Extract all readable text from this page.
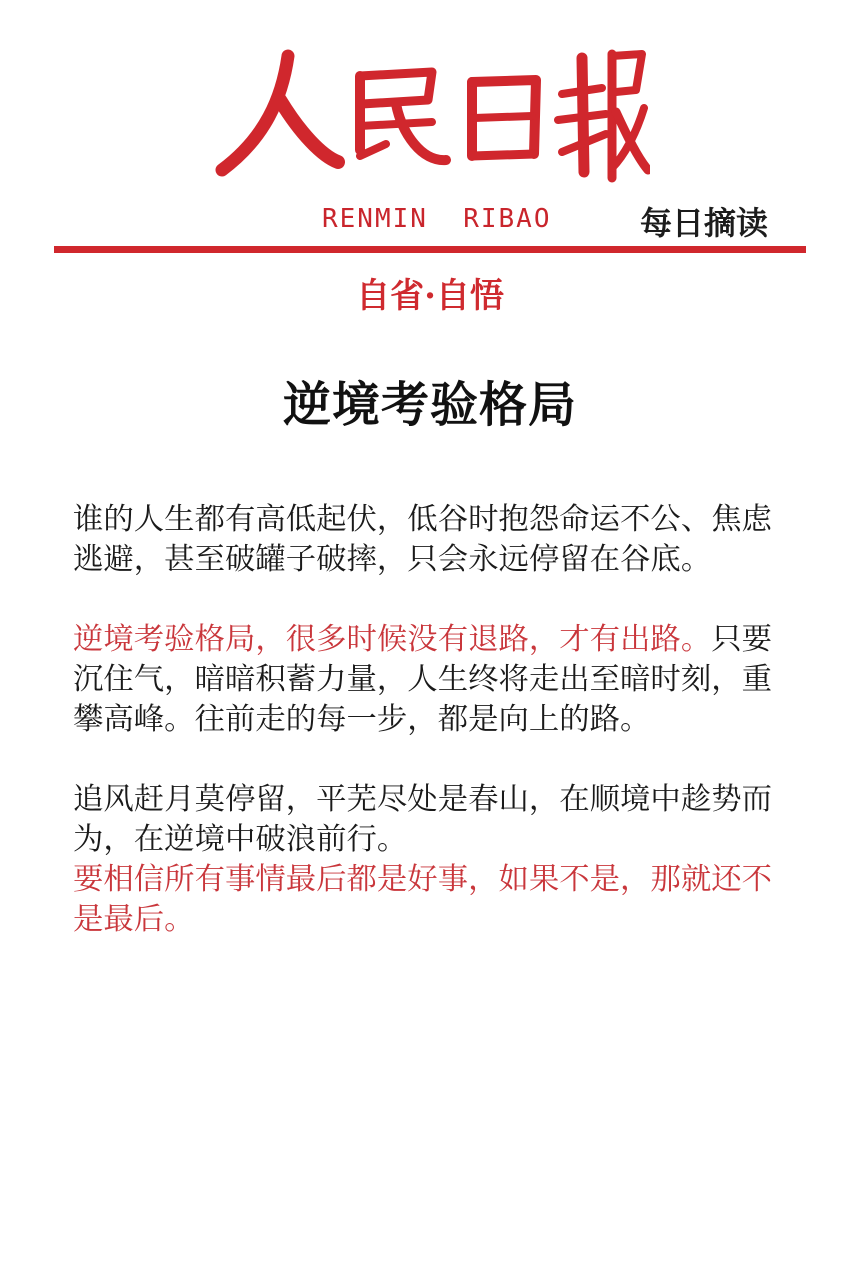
RENMIN  RIBAO	每日摘读
自省·自悟
逆境考验格局

谁的人生都有高低起伏，低谷时抱怨命运不公、焦虑逃避，甚至破罐子破摔，只会永远停留在谷底。

逆境考验格局，很多时候没有退路，才有出路。只要沉住气，暗暗积蓄力量，人生终将走出至暗时刻，重攀高峰。往前走的每一步，都是向上的路。

追风赶月莫停留，平芜尽处是春山，在顺境中趁势而为，在逆境中破浪前行。
要相信所有事情最后都是好事，如果不是，那就还不是最后。
